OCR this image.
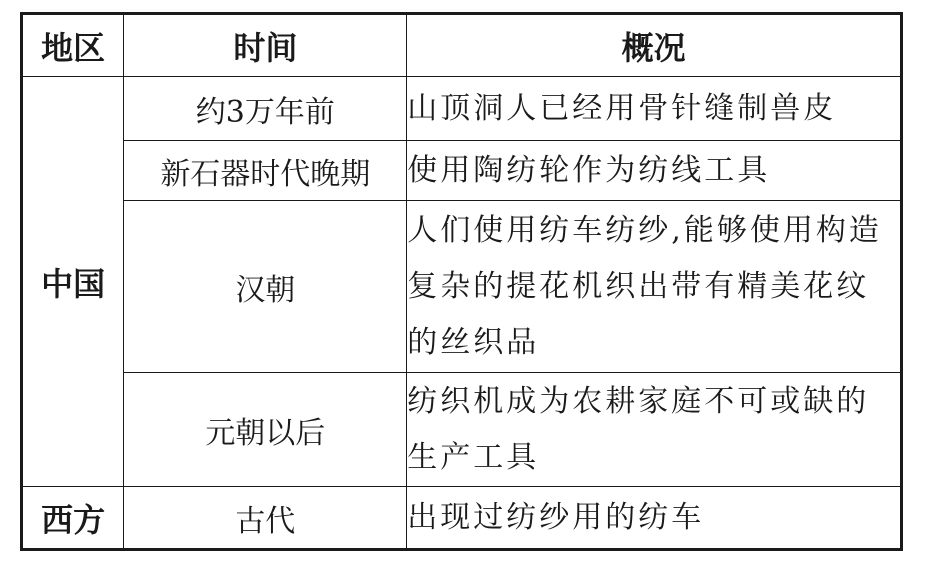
地区	时间	概况
中国	约3万年前	山顶洞人已经用骨针缝制兽皮
	新石器时代晚期	使用陶纺轮作为纺线工具
	汉朝	人们使用纺车纺纱,能够使用构造复杂的提花机织出带有精美花纹的丝织品
	元朝以后	纺织机成为农耕家庭不可或缺的生产工具
西方	古代	出现过纺纱用的纺车
